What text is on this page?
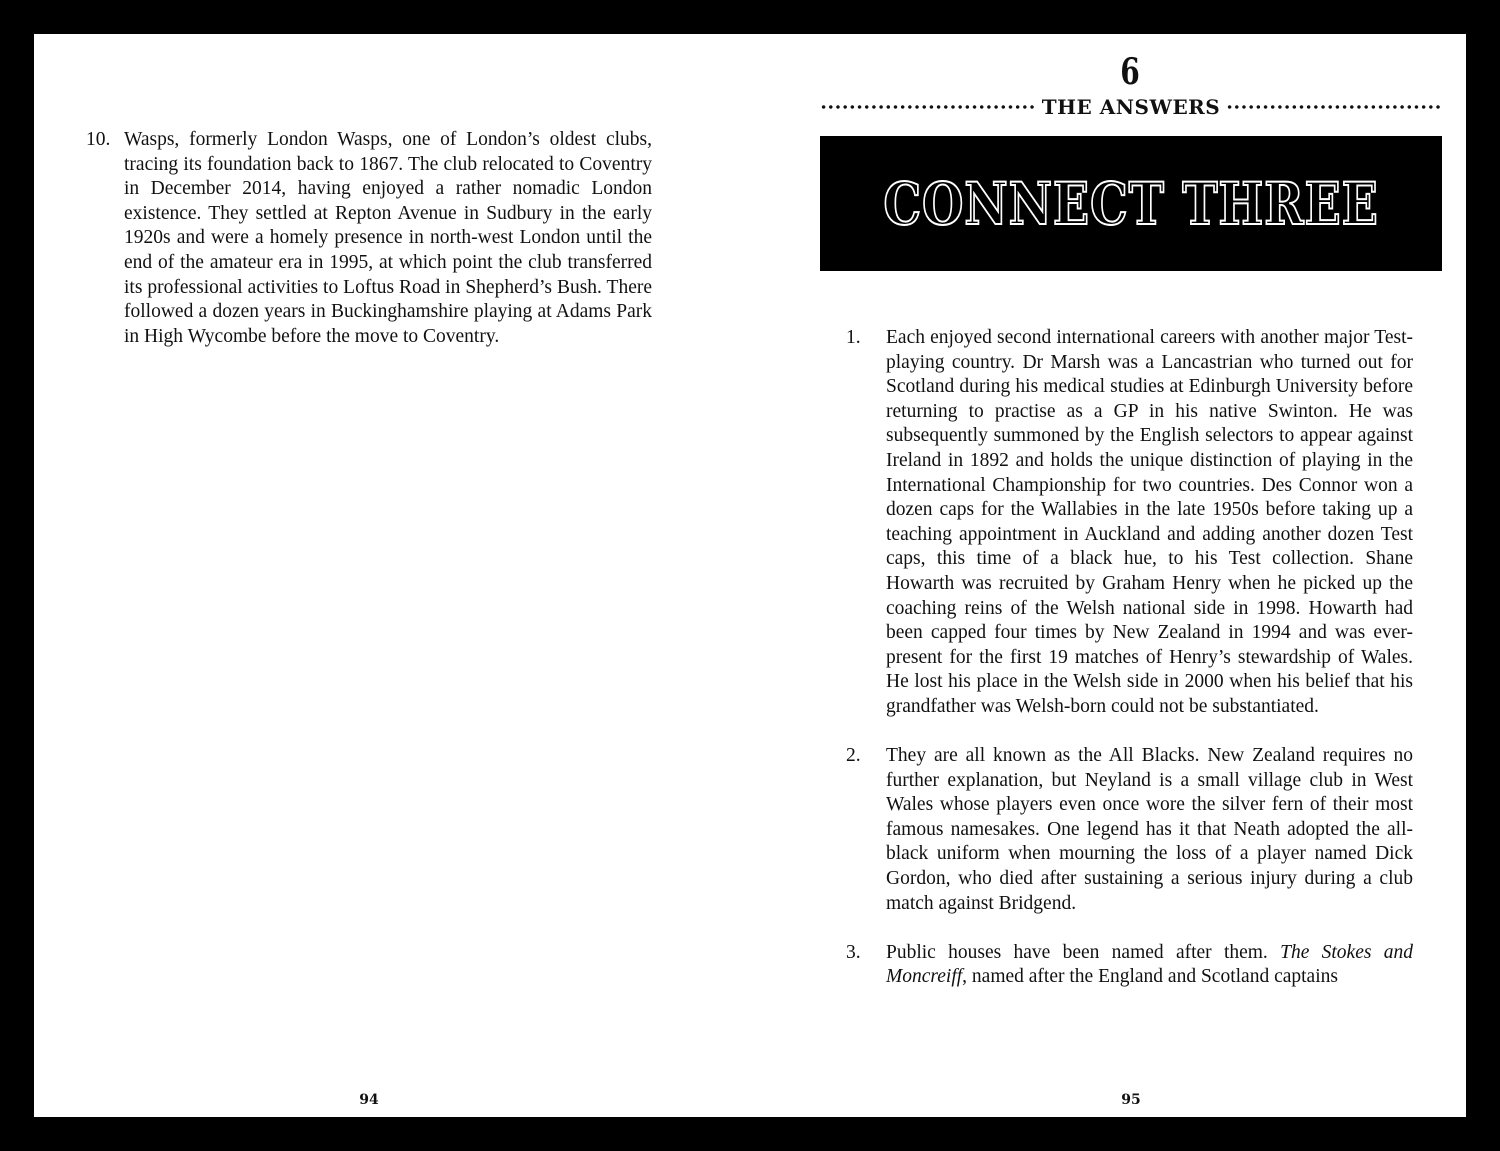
10. Wasps, formerly London Wasps, one of London’s oldest clubs, tracing its foundation back to 1867. The club relocated to Coventry in December 2014, having enjoyed a rather nomadic London existence. They settled at Repton Avenue in Sudbury in the early 1920s and were a homely presence in north-west London until the end of the amateur era in 1995, at which point the club transferred its professional activities to Loftus Road in Shepherd’s Bush. There followed a dozen years in Buckinghamshire playing at Adams Park in High Wycombe before the move to Coventry.
94
6
THE ANSWERS
CONNECT THREE
1.	Each enjoyed second international careers with another major Test-playing country. Dr Marsh was a Lancastrian who turned out for Scotland during his medical studies at Edinburgh University before returning to practise as a GP in his native Swinton. He was subsequently summoned by the English selectors to appear against Ireland in 1892 and holds the unique distinction of playing in the International Championship for two countries. Des Connor won a dozen caps for the Wallabies in the late 1950s before taking up a teaching appointment in Auckland and adding another dozen Test caps, this time of a black hue, to his Test collection. Shane Howarth was recruited by Graham Henry when he picked up the coaching reins of the Welsh national side in 1998. Howarth had been capped four times by New Zealand in 1994 and was ever-present for the first 19 matches of Henry’s stewardship of Wales. He lost his place in the Welsh side in 2000 when his belief that his grandfather was Welsh-born could not be substantiated.
2.	They are all known as the All Blacks. New Zealand requires no further explanation, but Neyland is a small village club in West Wales whose players even once wore the silver fern of their most famous namesakes. One legend has it that Neath adopted the all-black uniform when mourning the loss of a player named Dick Gordon, who died after sustaining a serious injury during a club match against Bridgend.
3.	Public houses have been named after them. The Stokes and Moncreiff, named after the England and Scotland captains
95
